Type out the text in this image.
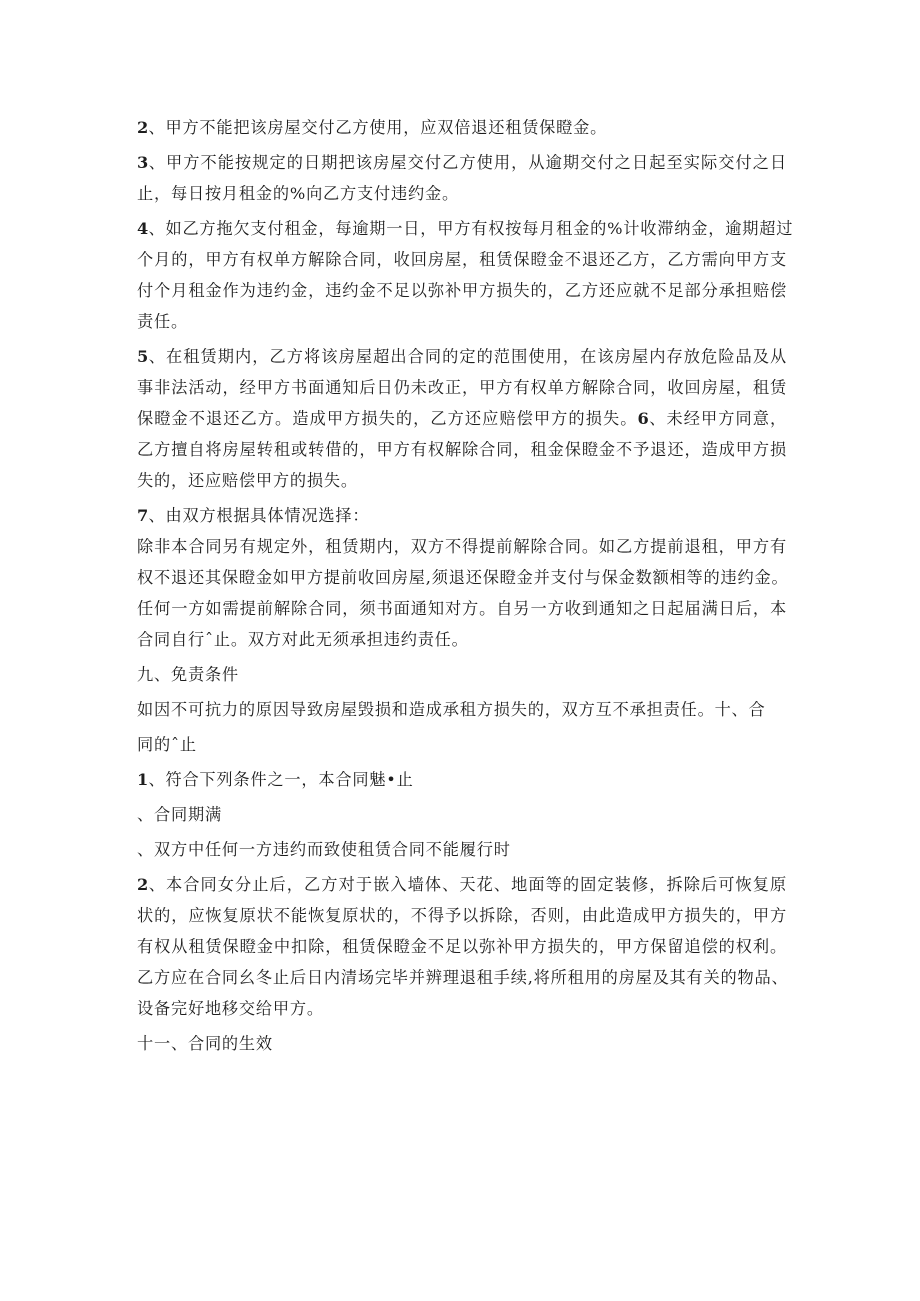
2、甲方不能把该房屋交付乙方使用，应双倍退还租赁保瞪金。
3、甲方不能按规定的日期把该房屋交付乙方使用，从逾期交付之日起至实际交付之日
止，每日按月租金的%向乙方支付违约金。
4、如乙方拖欠支付租金，每逾期一日，甲方有权按每月租金的%计收滞纳金，逾期超过
个月的，甲方有权单方解除合同，收回房屋，租赁保瞪金不退还乙方，乙方需向甲方支
付个月租金作为违约金，违约金不足以弥补甲方损失的，乙方还应就不足部分承担赔偿
责任。
5、在租赁期内，乙方将该房屋超出合同的定的范围使用，在该房屋内存放危险品及从
事非法活动，经甲方书面通知后日仍未改正，甲方有权单方解除合同，收回房屋，租赁
保瞪金不退还乙方。造成甲方损失的，乙方还应赔偿甲方的损失。6、未经甲方同意，
乙方擅自将房屋转租或转借的，甲方有权解除合同，租金保瞪金不予退还，造成甲方损
失的，还应赔偿甲方的损失。
7、由双方根据具体情况选择：
除非本合同另有规定外，租赁期内，双方不得提前解除合同。如乙方提前退租，甲方有
权不退还其保瞪金如甲方提前收回房屋,须退还保瞪金并支付与保金数额相等的违约金。
任何一方如需提前解除合同，须书面通知对方。自另一方收到通知之日起届满日后，本
合同自行ˆ止。双方对此无须承担违约责任。
九、免责条件
如因不可抗力的原因导致房屋毁损和造成承租方损失的，双方互不承担责任。十、合
同的ˆ止
1、符合下列条件之一，本合同魅•止
、合同期满
、双方中任何一方违约而致使租赁合同不能履行时
2、本合同女分止后，乙方对于嵌入墙体、天花、地面等的固定装修，拆除后可恢复原
状的，应恢复原状不能恢复原状的，不得予以拆除，否则，由此造成甲方损失的，甲方
有权从租赁保瞪金中扣除，租赁保瞪金不足以弥补甲方损失的，甲方保留追偿的权利。
乙方应在合同幺冬止后日内清场完毕并辨理退租手续,将所租用的房屋及其有关的物品、
设备完好地移交给甲方。
十一、合同的生效
